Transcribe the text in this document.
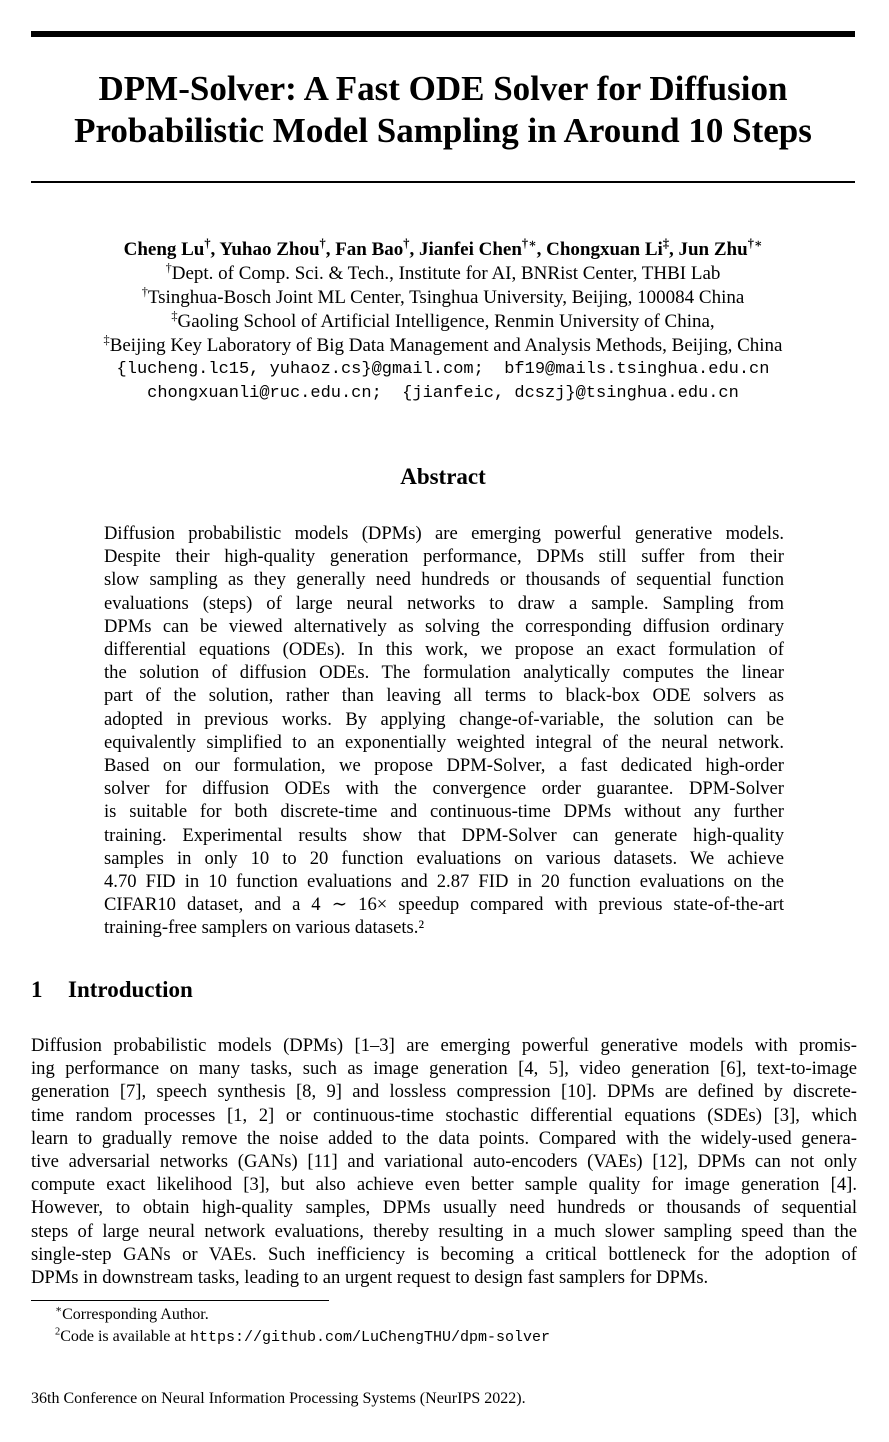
DPM-Solver: A Fast ODE Solver for Diffusion
Probabilistic Model Sampling in Around 10 Steps
Cheng Lu†, Yuhao Zhou†, Fan Bao†, Jianfei Chen†∗, Chongxuan Li‡, Jun Zhu†∗
†Dept. of Comp. Sci. & Tech., Institute for AI, BNRist Center, THBI Lab
†Tsinghua-Bosch Joint ML Center, Tsinghua University, Beijing, 100084 China
‡Gaoling School of Artificial Intelligence, Renmin University of China,
‡Beijing Key Laboratory of Big Data Management and Analysis Methods, Beijing, China
{lucheng.lc15, yuhaoz.cs}@gmail.com;  bf19@mails.tsinghua.edu.cn
chongxuanli@ruc.edu.cn;  {jianfeic, dcszj}@tsinghua.edu.cn
Abstract
Diffusion probabilistic models (DPMs) are emerging powerful generative models.
Despite their high-quality generation performance, DPMs still suffer from their
slow sampling as they generally need hundreds or thousands of sequential function
evaluations (steps) of large neural networks to draw a sample. Sampling from
DPMs can be viewed alternatively as solving the corresponding diffusion ordinary
differential equations (ODEs). In this work, we propose an exact formulation of
the solution of diffusion ODEs. The formulation analytically computes the linear
part of the solution, rather than leaving all terms to black-box ODE solvers as
adopted in previous works. By applying change-of-variable, the solution can be
equivalently simplified to an exponentially weighted integral of the neural network.
Based on our formulation, we propose DPM-Solver, a fast dedicated high-order
solver for diffusion ODEs with the convergence order guarantee. DPM-Solver
is suitable for both discrete-time and continuous-time DPMs without any further
training. Experimental results show that DPM-Solver can generate high-quality
samples in only 10 to 20 function evaluations on various datasets. We achieve
4.70 FID in 10 function evaluations and 2.87 FID in 20 function evaluations on the
CIFAR10 dataset, and a 4 ∼ 16× speedup compared with previous state-of-the-art
training-free samplers on various datasets.²
1 Introduction
Diffusion probabilistic models (DPMs) [1–3] are emerging powerful generative models with promis-
ing performance on many tasks, such as image generation [4, 5], video generation [6], text-to-image
generation [7], speech synthesis [8, 9] and lossless compression [10]. DPMs are defined by discrete-
time random processes [1, 2] or continuous-time stochastic differential equations (SDEs) [3], which
learn to gradually remove the noise added to the data points. Compared with the widely-used genera-
tive adversarial networks (GANs) [11] and variational auto-encoders (VAEs) [12], DPMs can not only
compute exact likelihood [3], but also achieve even better sample quality for image generation [4].
However, to obtain high-quality samples, DPMs usually need hundreds or thousands of sequential
steps of large neural network evaluations, thereby resulting in a much slower sampling speed than the
single-step GANs or VAEs. Such inefficiency is becoming a critical bottleneck for the adoption of
DPMs in downstream tasks, leading to an urgent request to design fast samplers for DPMs.
∗Corresponding Author.
$^2$Code is available at https://github.com/LuChengTHU/dpm-solver
36th Conference on Neural Information Processing Systems (NeurIPS 2022).
